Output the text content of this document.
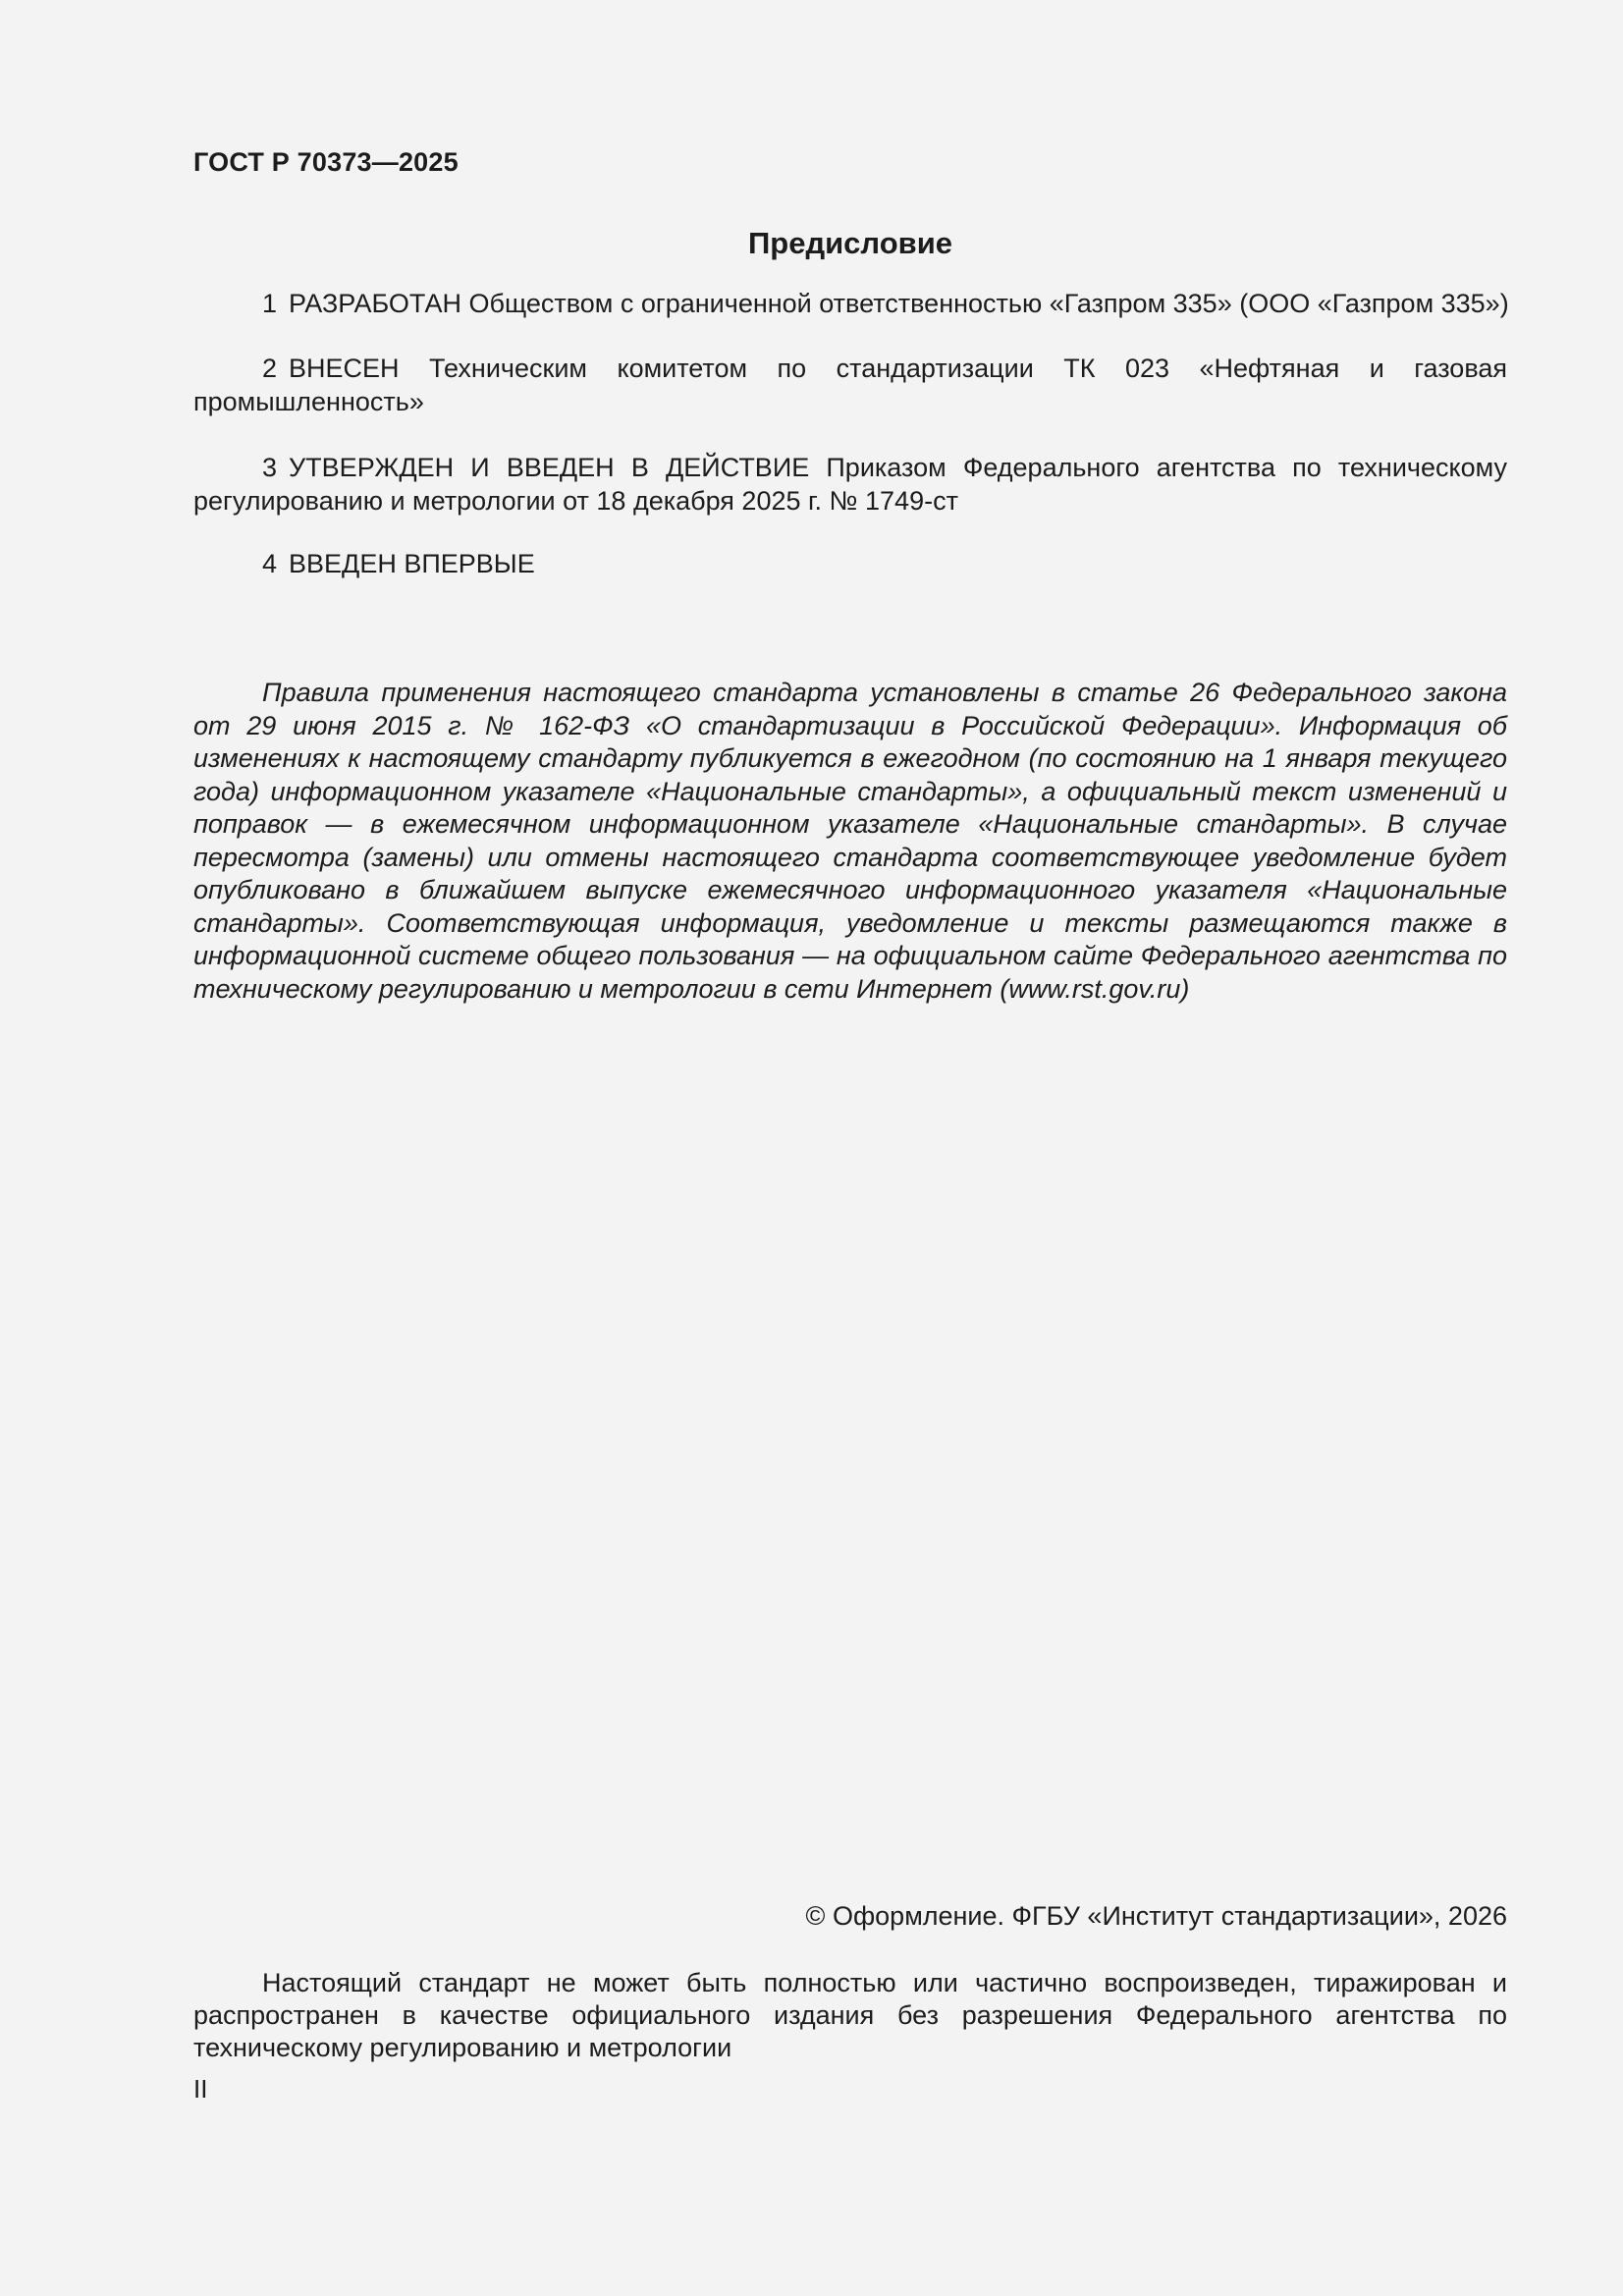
ГОСТ Р 70373—2025
Предисловие

1 РАЗРАБОТАН Обществом с ограниченной ответственностью «Газпром 335» (ООО «Газпром 335»)

2 ВНЕСЕН Техническим комитетом по стандартизации ТК 023 «Нефтяная и газовая промышленность»

3 УТВЕРЖДЕН И ВВЕДЕН В ДЕЙСТВИЕ Приказом Федерального агентства по техническому регулированию и метрологии от 18 декабря 2025 г. № 1749-ст

4 ВВЕДЕН ВПЕРВЫЕ

Правила применения настоящего стандарта установлены в статье 26 Федерального закона от 29 июня 2015 г. № 162-ФЗ «О стандартизации в Российской Федерации». Информация об изменениях к настоящему стандарту публикуется в ежегодном (по состоянию на 1 января текущего года) информационном указателе «Национальные стандарты», а официальный текст изменений и поправок — в ежемесячном информационном указателе «Национальные стандарты». В случае пересмотра (замены) или отмены настоящего стандарта соответствующее уведомление будет опубликовано в ближайшем выпуске ежемесячного информационного указателя «Национальные стандарты». Соответствующая информация, уведомление и тексты размещаются также в информационной системе общего пользования — на официальном сайте Федерального агентства по техническому регулированию и метрологии в сети Интернет (www.rst.gov.ru)

© Оформление. ФГБУ «Институт стандартизации», 2026

Настоящий стандарт не может быть полностью или частично воспроизведен, тиражирован и распространен в качестве официального издания без разрешения Федерального агентства по техническому регулированию и метрологии

II
